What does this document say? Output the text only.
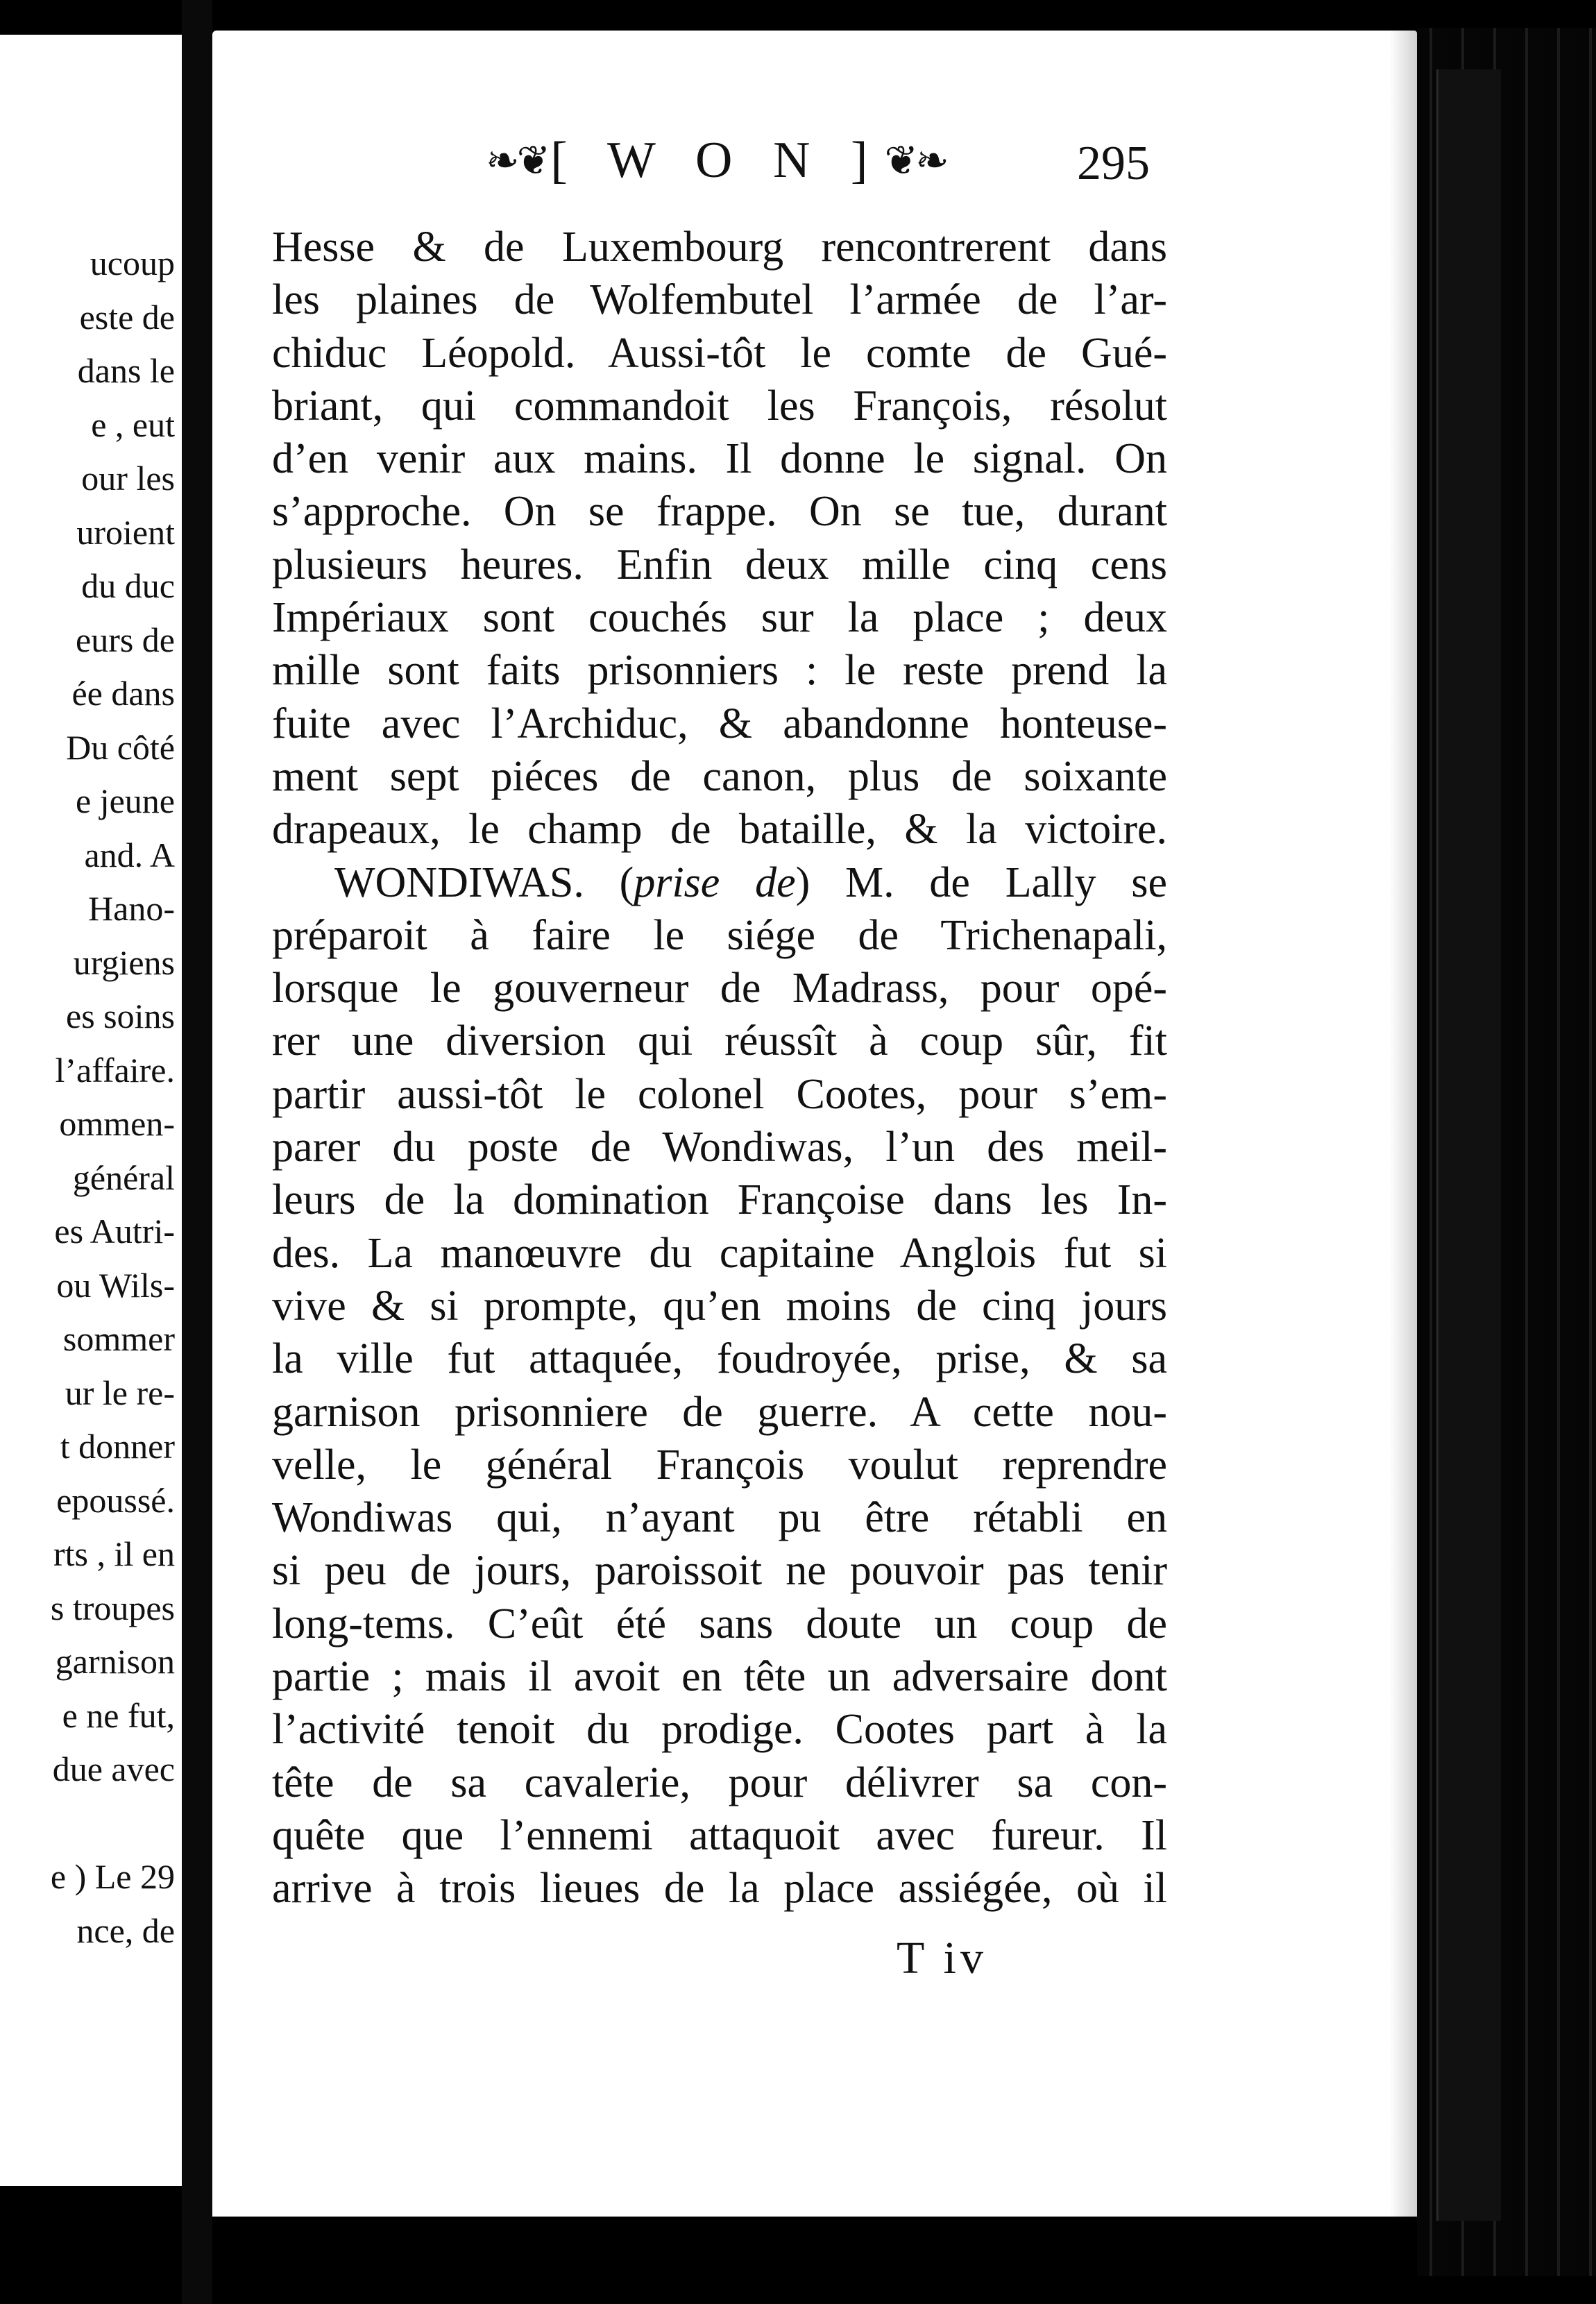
ucoup
este de
dans le
e , eut
our les
uroient
du duc
eurs de
ée dans
Du côté
e jeune
and. A
Hano-
urgiens
es soins
l’affaire.
ommen-
général
es Autri-
ou Wils-
sommer
ur le re-
t donner
epoussé.
rts , il en
s troupes
garnison
e ne fut,
due avec
e ) Le 29
nce, de
❧❦ [ W O N ] ❦❧	295
Hesse & de Luxembourg rencontrerent dans
les plaines de Wolfembutel l’armée de l’ar-
chiduc Léopold. Aussi-tôt le comte de Gué-
briant, qui commandoit les François, résolut
d’en venir aux mains. Il donne le signal. On
s’approche. On se frappe. On se tue, durant
plusieurs heures. Enfin deux mille cinq cens
Impériaux sont couchés sur la place ; deux
mille sont faits prisonniers : le reste prend la
fuite avec l’Archiduc, & abandonne honteuse-
ment sept piéces de canon, plus de soixante
drapeaux, le champ de bataille, & la victoire.
WONDIWAS. (prise de) M. de Lally se
préparoit à faire le siége de Trichenapali,
lorsque le gouverneur de Madrass, pour opé-
rer une diversion qui réussît à coup sûr, fit
partir aussi-tôt le colonel Cootes, pour s’em-
parer du poste de Wondiwas, l’un des meil-
leurs de la domination Françoise dans les In-
des. La manœuvre du capitaine Anglois fut si
vive & si prompte, qu’en moins de cinq jours
la ville fut attaquée, foudroyée, prise, & sa
garnison prisonniere de guerre. A cette nou-
velle, le général François voulut reprendre
Wondiwas qui, n’ayant pu être rétabli en
si peu de jours, paroissoit ne pouvoir pas tenir
long-tems. C’eût été sans doute un coup de
partie ; mais il avoit en tête un adversaire dont
l’activité tenoit du prodige. Cootes part à la
tête de sa cavalerie, pour délivrer sa con-
quête que l’ennemi attaquoit avec fureur. Il
arrive à trois lieues de la place assiégée, où il
T iv
